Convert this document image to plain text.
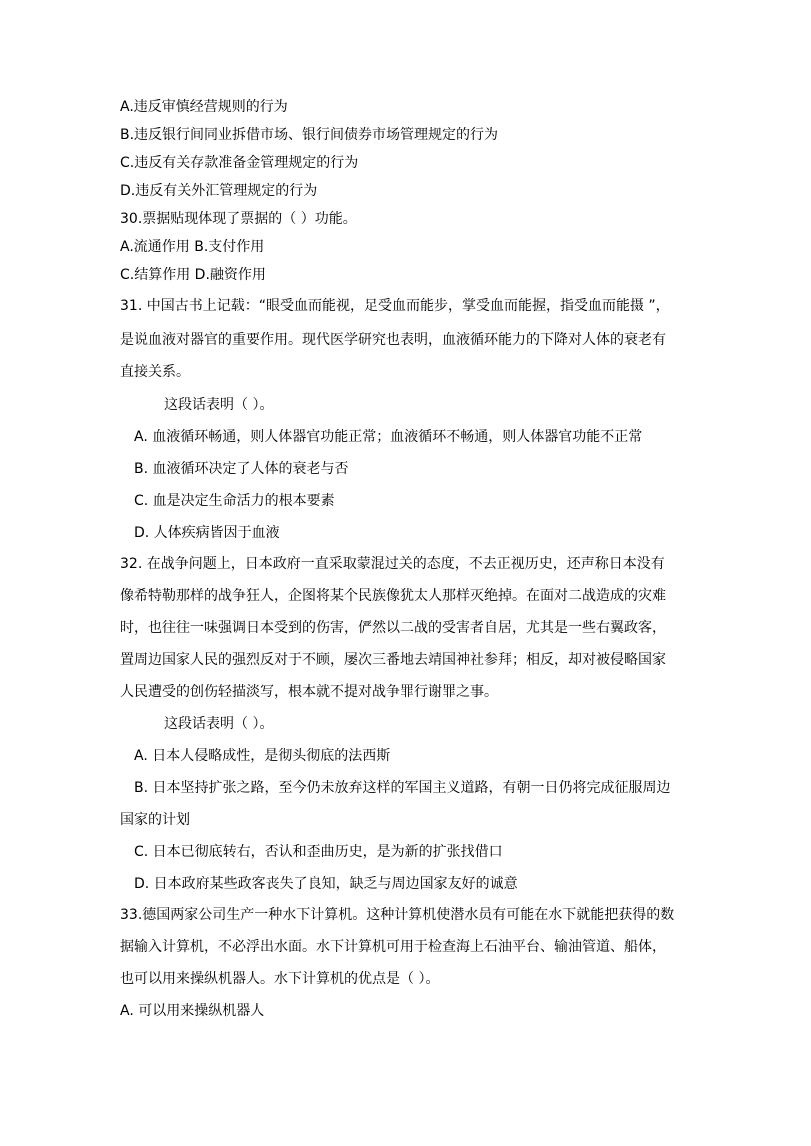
A.违反审慎经营规则的行为

B.违反银行间同业拆借市场、银行间债券市场管理规定的行为

C.违反有关存款准备金管理规定的行为

D.违反有关外汇管理规定的行为

30.票据贴现体现了票据的（ ）功能。

A.流通作用 B.支付作用

C.结算作用 D.融资作用

31. 中国古书上记载：“眼受血而能视，足受血而能步，掌受血而能握，指受血而能摄 ”，

是说血液对器官的重要作用。现代医学研究也表明，血液循环能力的下降对人体的衰老有

直接关系。

这段话表明（ ）。

A. 血液循环畅通，则人体器官功能正常；血液循环不畅通，则人体器官功能不正常

B. 血液循环决定了人体的衰老与否

C. 血是决定生命活力的根本要素

D. 人体疾病皆因于血液

32. 在战争问题上，日本政府一直采取蒙混过关的态度，不去正视历史，还声称日本没有

像希特勒那样的战争狂人，企图将某个民族像犹太人那样灭绝掉。在面对二战造成的灾难

时，也往往一味强调日本受到的伤害，俨然以二战的受害者自居，尤其是一些右翼政客，

置周边国家人民的强烈反对于不顾，屡次三番地去靖国神社参拜；相反，却对被侵略国家

人民遭受的创伤轻描淡写，根本就不提对战争罪行谢罪之事。

这段话表明（ ）。

A. 日本人侵略成性，是彻头彻底的法西斯

B. 日本坚持扩张之路，至今仍未放弃这样的军国主义道路，有朝一日仍将完成征服周边

国家的计划

C. 日本已彻底转右，否认和歪曲历史，是为新的扩张找借口

D. 日本政府某些政客丧失了良知，缺乏与周边国家友好的诚意

33.德国两家公司生产一种水下计算机。这种计算机使潜水员有可能在水下就能把获得的数

据输入计算机，不必浮出水面。水下计算机可用于检查海上石油平台、输油管道、船体，

也可以用来操纵机器人。水下计算机的优点是（ ）。

A. 可以用来操纵机器人
